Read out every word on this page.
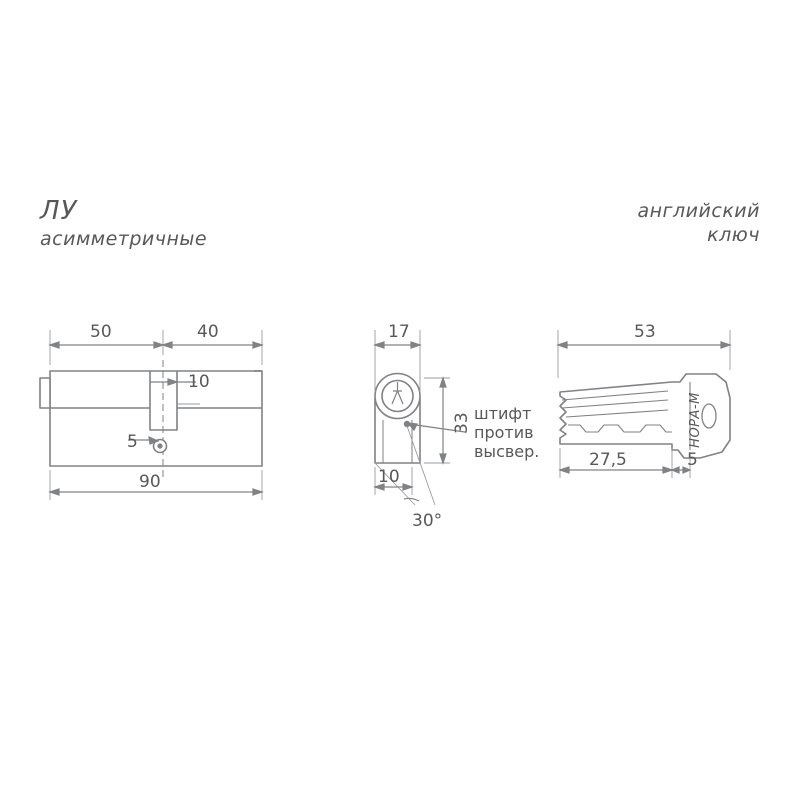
ЛУ
асимметричные
английский
ключ
50	40
10
5
90
17
33
10
30°
штифт
против
высвер.
НОРА-М
53
27,5	5
